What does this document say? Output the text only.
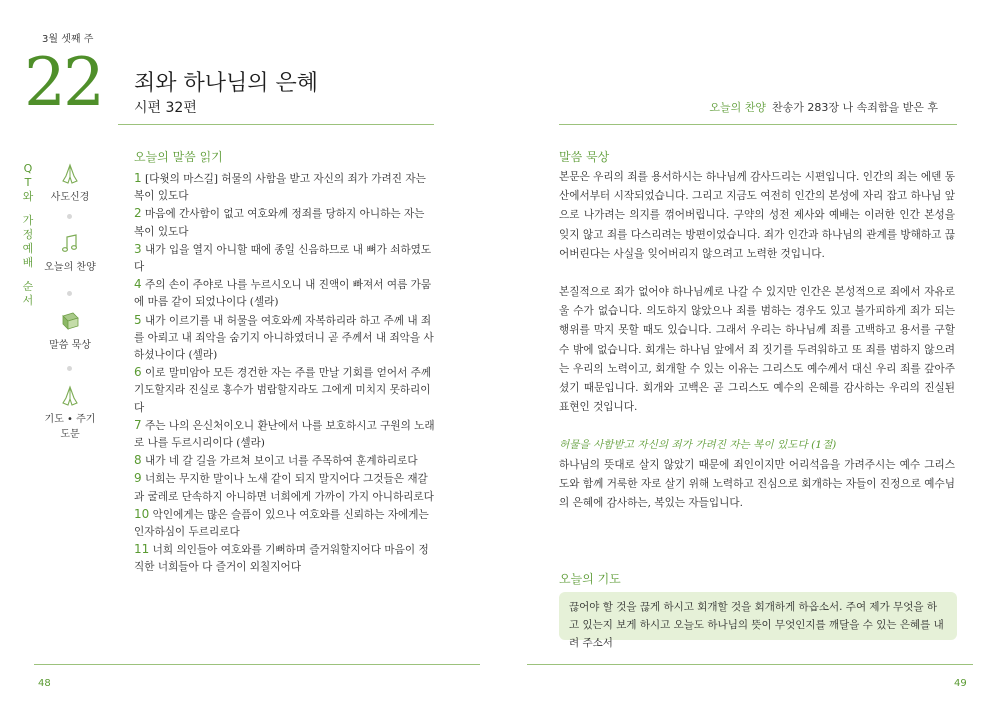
3월 셋째 주
22 죄와 하나님의 은혜
시편 32편	오늘의 찬양 찬송가 283장 나 속죄함을 받은 후
Q
T
와
가
정
예
배
순
서
사도신경
오늘의 찬양
말씀 묵상
기도 • 주기도문
오늘의 말씀 읽기
1 [다윗의 마스길] 허물의 사함을 받고 자신의 죄가 가려진 자는 복이 있도다
2 마음에 간사함이 없고 여호와께 정죄를 당하지 아니하는 자는 복이 있도다
3 내가 입을 열지 아니할 때에 종일 신음하므로 내 뼈가 쇠하였도다
4 주의 손이 주야로 나를 누르시오니 내 진액이 빠져서 여름 가뭄에 마름 같이 되었나이다 (셀라)
5 내가 이르기를 내 허물을 여호와께 자복하리라 하고 주께 내 죄를 아뢰고 내 죄악을 숨기지 아니하였더니 곧 주께서 내 죄악을 사하셨나이다 (셀라)
6 이로 말미암아 모든 경건한 자는 주를 만날 기회를 얻어서 주께 기도할지라 진실로 홍수가 범람할지라도 그에게 미치지 못하리이다
7 주는 나의 은신처이오니 환난에서 나를 보호하시고 구원의 노래로 나를 두르시리이다 (셀라)
8 내가 네 갈 길을 가르쳐 보이고 너를 주목하여 훈계하리로다
9 너희는 무지한 말이나 노새 같이 되지 말지어다 그것들은 재갈과 굴레로 단속하지 아니하면 너희에게 가까이 가지 아니하리로다
10 악인에게는 많은 슬픔이 있으나 여호와를 신뢰하는 자에게는 인자하심이 두르리로다
11 너희 의인들아 여호와를 기뻐하며 즐거워할지어다 마음이 정직한 너희들아 다 즐거이 외칠지어다
말씀 묵상

본문은 우리의 죄를 용서하시는 하나님께 감사드리는 시편입니다. 인간의 죄는 에덴 동산에서부터 시작되었습니다. 그리고 지금도 여전히 인간의 본성에 자리 잡고 하나님 앞으로 나가려는 의지를 꺾어버립니다. 구약의 성전 제사와 예배는 이러한 인간 본성을 잊지 않고 죄를 다스리려는 방편이었습니다. 죄가 인간과 하나님의 관계를 방해하고 끊어버린다는 사실을 잊어버리지 않으려고 노력한 것입니다.

본질적으로 죄가 없어야 하나님께로 나갈 수 있지만 인간은 본성적으로 죄에서 자유로울 수가 없습니다. 의도하지 않았으나 죄를 범하는 경우도 있고 불가피하게 죄가 되는 행위를 막지 못할 때도 있습니다. 그래서 우리는 하나님께 죄를 고백하고 용서를 구할 수 밖에 없습니다. 회개는 하나님 앞에서 죄 짓기를 두려워하고 또 죄를 범하지 않으려는 우리의 노력이고, 회개할 수 있는 이유는 그리스도 예수께서 대신 우리 죄를 갚아주셨기 때문입니다. 회개와 고백은 곧 그리스도 예수의 은혜를 감사하는 우리의 진실된 표현인 것입니다.

허물을 사함받고 자신의 죄가 가려진 자는 복이 있도다 (1절)
하나님의 뜻대로 살지 않았기 때문에 죄인이지만 어리석음을 가려주시는 예수 그리스도와 함께 거룩한 자로 살기 위해 노력하고 진심으로 회개하는 자들이 진정으로 예수님의 은혜에 감사하는, 복있는 자들입니다.

오늘의 기도
끊어야 할 것을 끊게 하시고 회개할 것을 회개하게 하옵소서. 주여 제가 무엇을 하고 있는지 보게 하시고 오늘도 하나님의 뜻이 무엇인지를 깨달을 수 있는 은혜를 내려 주소서
48	49
